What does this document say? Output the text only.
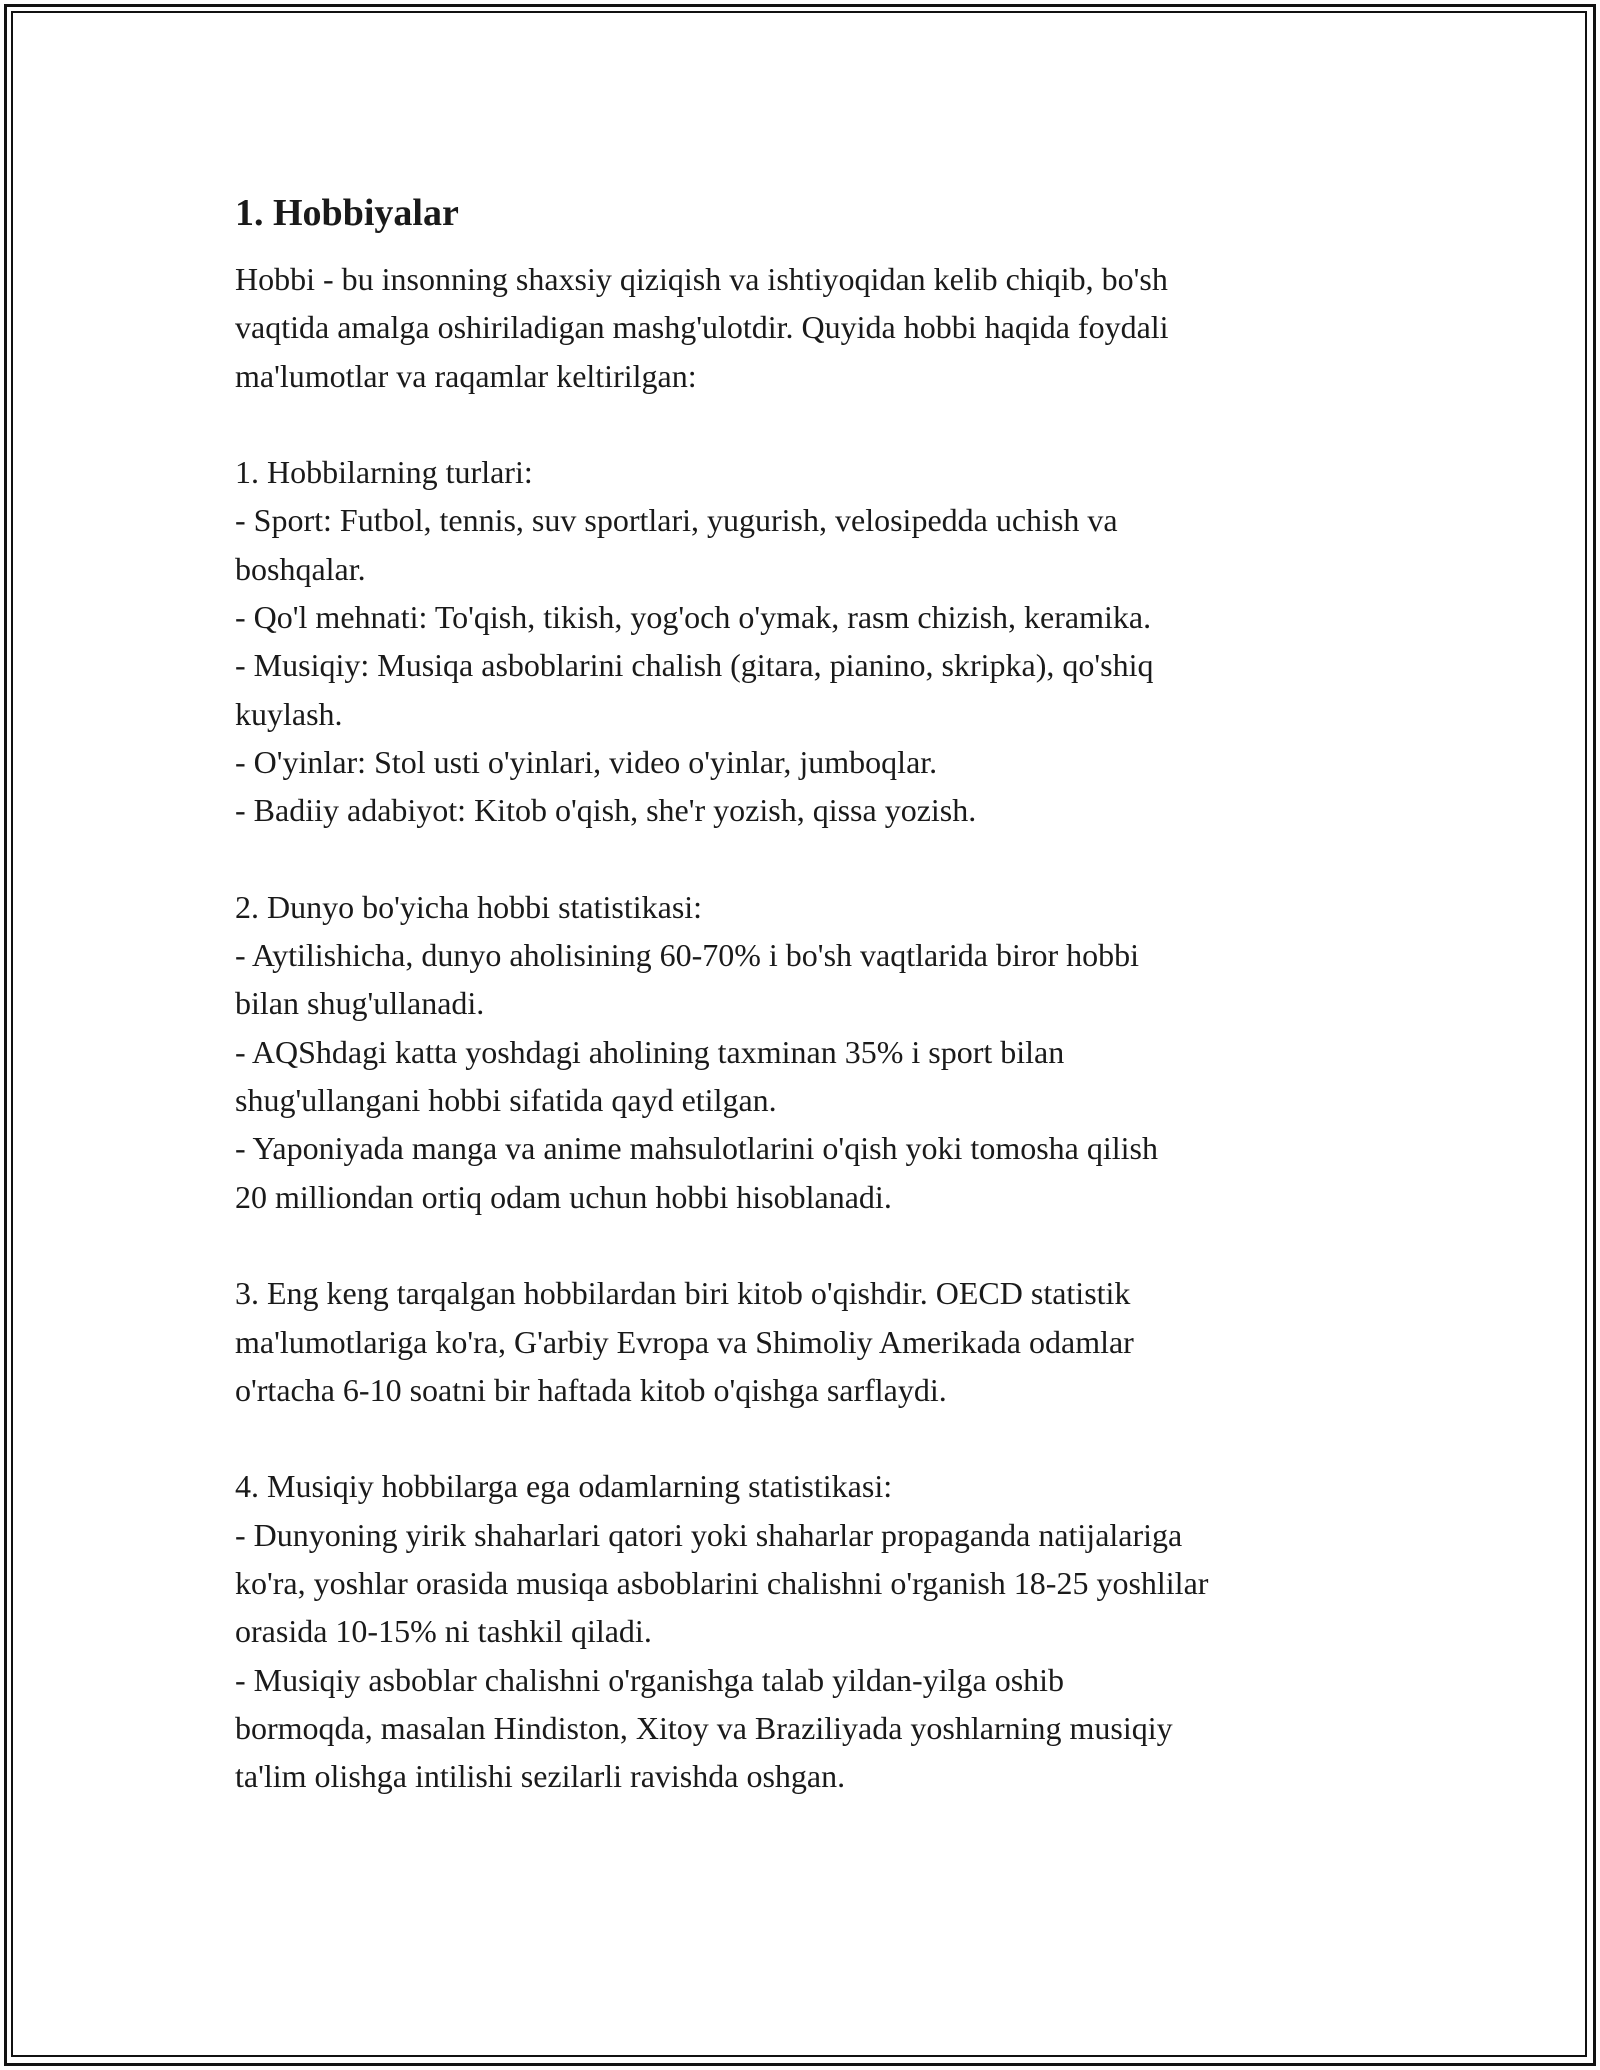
1. Hobbiyalar

Hobbi - bu insonning shaxsiy qiziqish va ishtiyoqidan kelib chiqib, bo'sh
vaqtida amalga oshiriladigan mashg'ulotdir. Quyida hobbi haqida foydali
ma'lumotlar va raqamlar keltirilgan:

1. Hobbilarning turlari:
- Sport: Futbol, tennis, suv sportlari, yugurish, velosipedda uchish va
boshqalar.
- Qo'l mehnati: To'qish, tikish, yog'och o'ymak, rasm chizish, keramika.
- Musiqiy: Musiqa asboblarini chalish (gitara, pianino, skripka), qo'shiq
kuylash.
- O'yinlar: Stol usti o'yinlari, video o'yinlar, jumboqlar.
- Badiiy adabiyot: Kitob o'qish, she'r yozish, qissa yozish.

2. Dunyo bo'yicha hobbi statistikasi:
- Aytilishicha, dunyo aholisining 60-70% i bo'sh vaqtlarida biror hobbi
bilan shug'ullanadi.
- AQShdagi katta yoshdagi aholining taxminan 35% i sport bilan
shug'ullangani hobbi sifatida qayd etilgan.
- Yaponiyada manga va anime mahsulotlarini o'qish yoki tomosha qilish
20 milliondan ortiq odam uchun hobbi hisoblanadi.

3. Eng keng tarqalgan hobbilardan biri kitob o'qishdir. OECD statistik
ma'lumotlariga ko'ra, G'arbiy Evropa va Shimoliy Amerikada odamlar
o'rtacha 6-10 soatni bir haftada kitob o'qishga sarflaydi.

4. Musiqiy hobbilarga ega odamlarning statistikasi:
- Dunyoning yirik shaharlari qatori yoki shaharlar propaganda natijalariga
ko'ra, yoshlar orasida musiqa asboblarini chalishni o'rganish 18-25 yoshlilar
orasida 10-15% ni tashkil qiladi.
- Musiqiy asboblar chalishni o'rganishga talab yildan-yilga oshib
bormoqda, masalan Hindiston, Xitoy va Braziliyada yoshlarning musiqiy
ta'lim olishga intilishi sezilarli ravishda oshgan.
